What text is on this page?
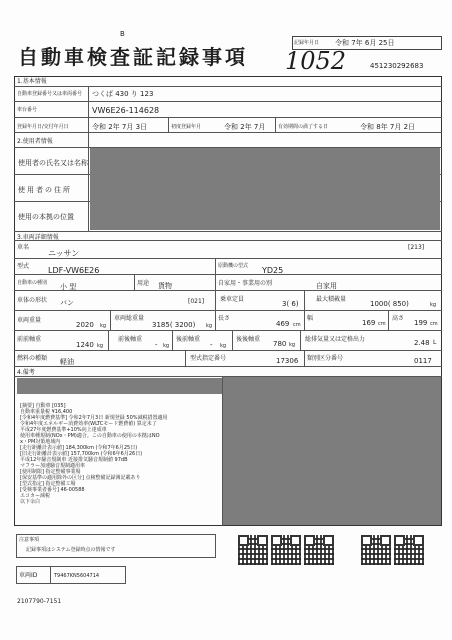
B
自動車検査証記録事項 1052
記録年月日 令和 7年 6月 25日
451230292683
1.基本情報
自動車登録番号又は車両番号 つくば 430 り 123
車台番号	VW6E26-114628
登録年月日/交付年月日	令和 2年 7月 3日	初度登録年月	令和 2年 7月	有効期間の満了する日	令和 8年 7月 2日
2.使用者情報
使用者の氏名又は名称
使用者の住所
使用の本拠の位置
3.車両詳細情報
車名
ニッサン
[213]
型式 LDF-VW6E26	原動機の型式 YD25
自動車の種別 小 型	用途 貨物	自家用・事業用の別	自家用
車体の形状 バン	[021]	乗車定員
3( 6)
最大積載量
1000( 850)	kg
車両重量
2020 kg
車両総重量
3185( 3200) kg
長さ
469 cm
幅
169 cm
高さ
199 cm
前前軸重
1240 kg
前後軸重
- kg
後前軸重
- kg
後後軸重
780 kg
総排気量又は定格出力	2.48 L
燃料の種類 軽油	型式指定番号	17306 類別区分番号	0117
4.備考
[摘要] 自動車 [035]
自動車重量税 ¥16,400
[令和4年度燃費基準] 令和2年7月3日 新規登録 50%減税措置適用
令和4年度エネルギー消費効率(WLTCモード燃費値) 算定未了
平成27年度燃費基準+10%向上達成車
使用車種規制(NOx・PM)適合。この自動車の使用の本拠はNO
x・PM対策地域内
[走行距離計表示値] 184,300km (令和7年6月25日)
[旧走行距離計表示値] 157,700km (令和6年6月26日)
平成12年騒音規制車 近接排気騒音規制値 97dB
マフラー加速騒音規制適用車
[使用制限] 指定整備事業場
[保安基準の適用除外の区分] 点検整備記録簿記載あり
[型式指定] 指定整備工場
[受検事業者番号] 46-00588
エコカー減税
以下余白
注意事項
記録事項はシステム登録時点の情報です
車両ID	T9467KN5604714
2107790-7151
